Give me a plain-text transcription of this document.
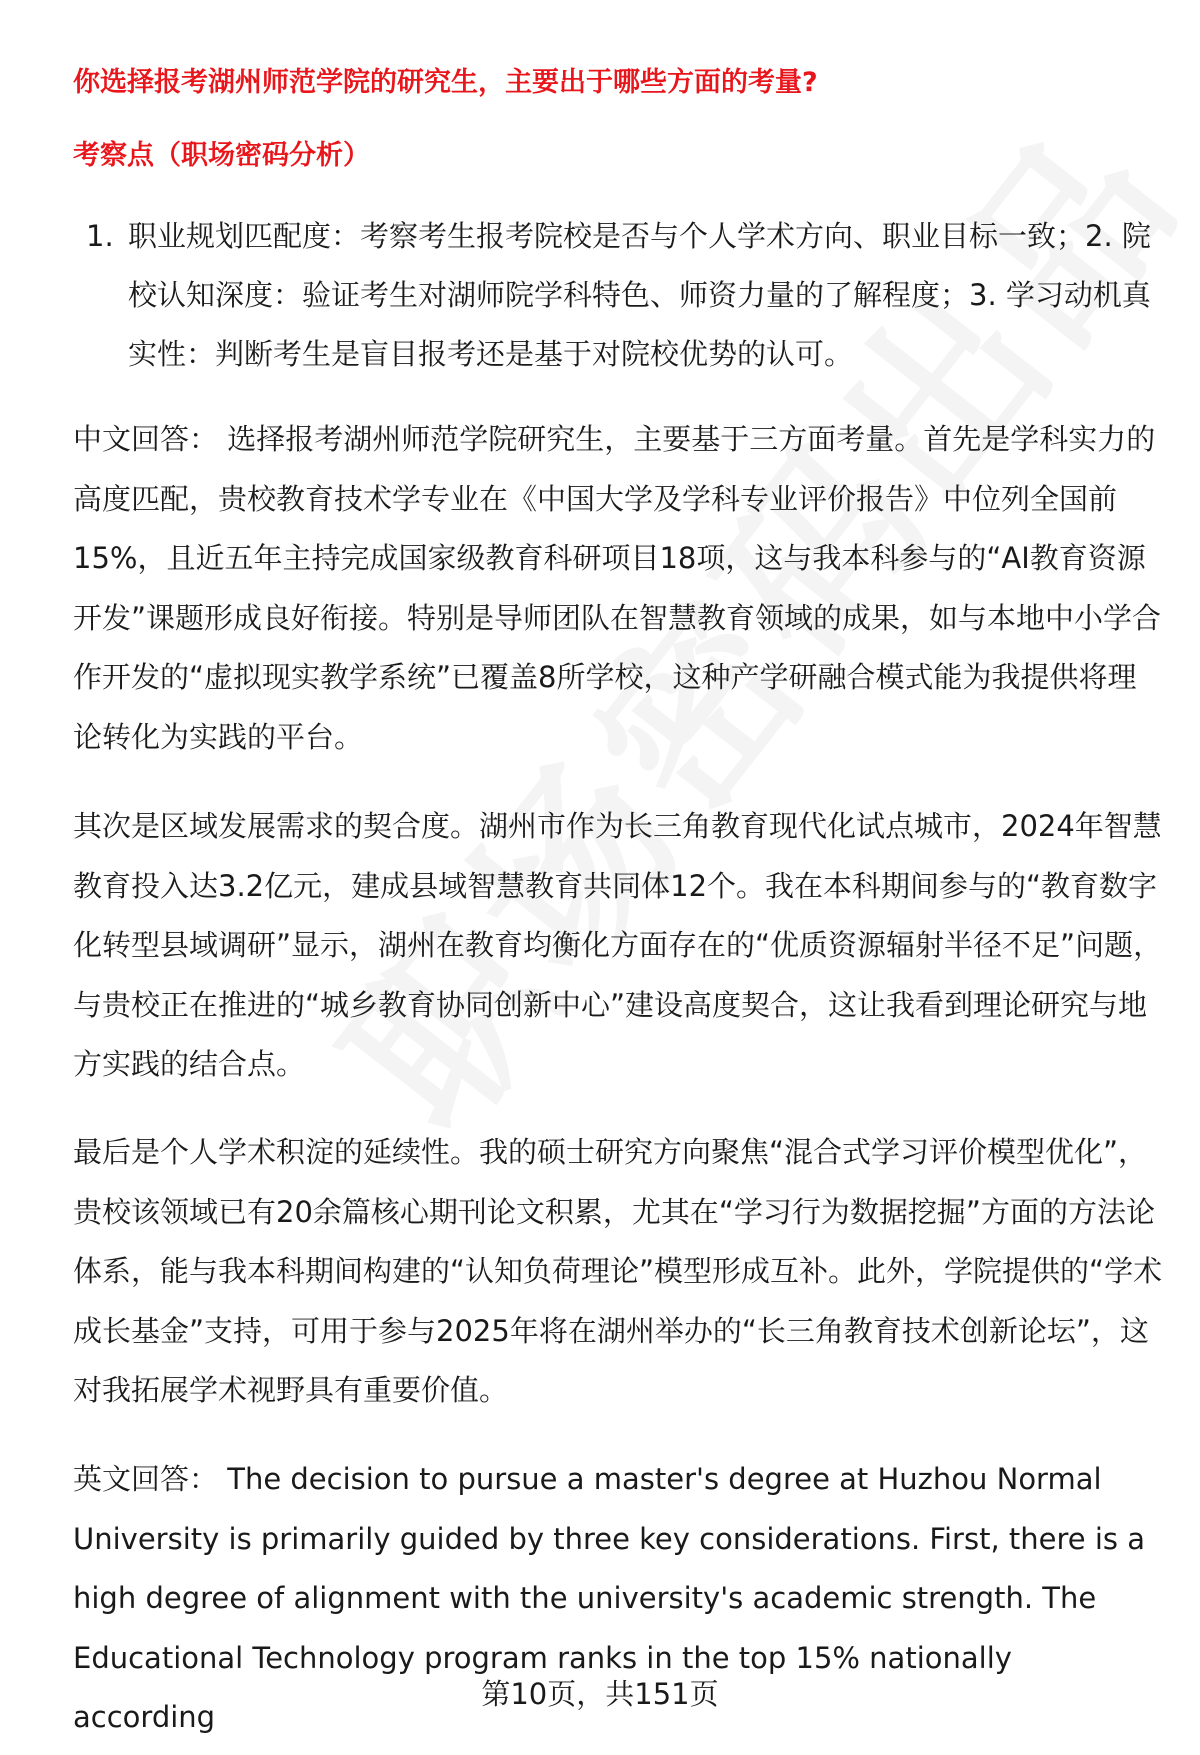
你选择报考湖州师范学院的研究生，主要出于哪些方面的考量?
考察点（职场密码分析）
1. 职业规划匹配度：考察考生报考院校是否与个人学术方向、职业目标一致；2. 院校认知深度：验证考生对湖师院学科特色、师资力量的了解程度；3. 学习动机真实性：判断考生是盲目报考还是基于对院校优势的认可。
中文回答： 选择报考湖州师范学院研究生，主要基于三方面考量。首先是学科实力的高度匹配，贵校教育技术学专业在《中国大学及学科专业评价报告》中位列全国前15%，且近五年主持完成国家级教育科研项目18项，这与我本科参与的“AI教育资源开发”课题形成良好衔接。特别是导师团队在智慧教育领域的成果，如与本地中小学合作开发的“虚拟现实教学系统”已覆盖8所学校，这种产学研融合模式能为我提供将理论转化为实践的平台。
其次是区域发展需求的契合度。湖州市作为长三角教育现代化试点城市，2024年智慧教育投入达3.2亿元，建成县域智慧教育共同体12个。我在本科期间参与的“教育数字化转型县域调研”显示，湖州在教育均衡化方面存在的“优质资源辐射半径不足”问题，与贵校正在推进的“城乡教育协同创新中心”建设高度契合，这让我看到理论研究与地方实践的结合点。
最后是个人学术积淀的延续性。我的硕士研究方向聚焦“混合式学习评价模型优化”，贵校该领域已有20余篇核心期刊论文积累，尤其在“学习行为数据挖掘”方面的方法论体系，能与我本科期间构建的“认知负荷理论”模型形成互补。此外，学院提供的“学术成长基金”支持，可用于参与2025年将在湖州举办的“长三角教育技术创新论坛”，这对我拓展学术视野具有重要价值。
英文回答： The decision to pursue a master's degree at Huzhou Normal University is primarily guided by three key considerations. First, there is a high degree of alignment with the university's academic strength. The Educational Technology program ranks in the top 15% nationally according
第10页，共151页
